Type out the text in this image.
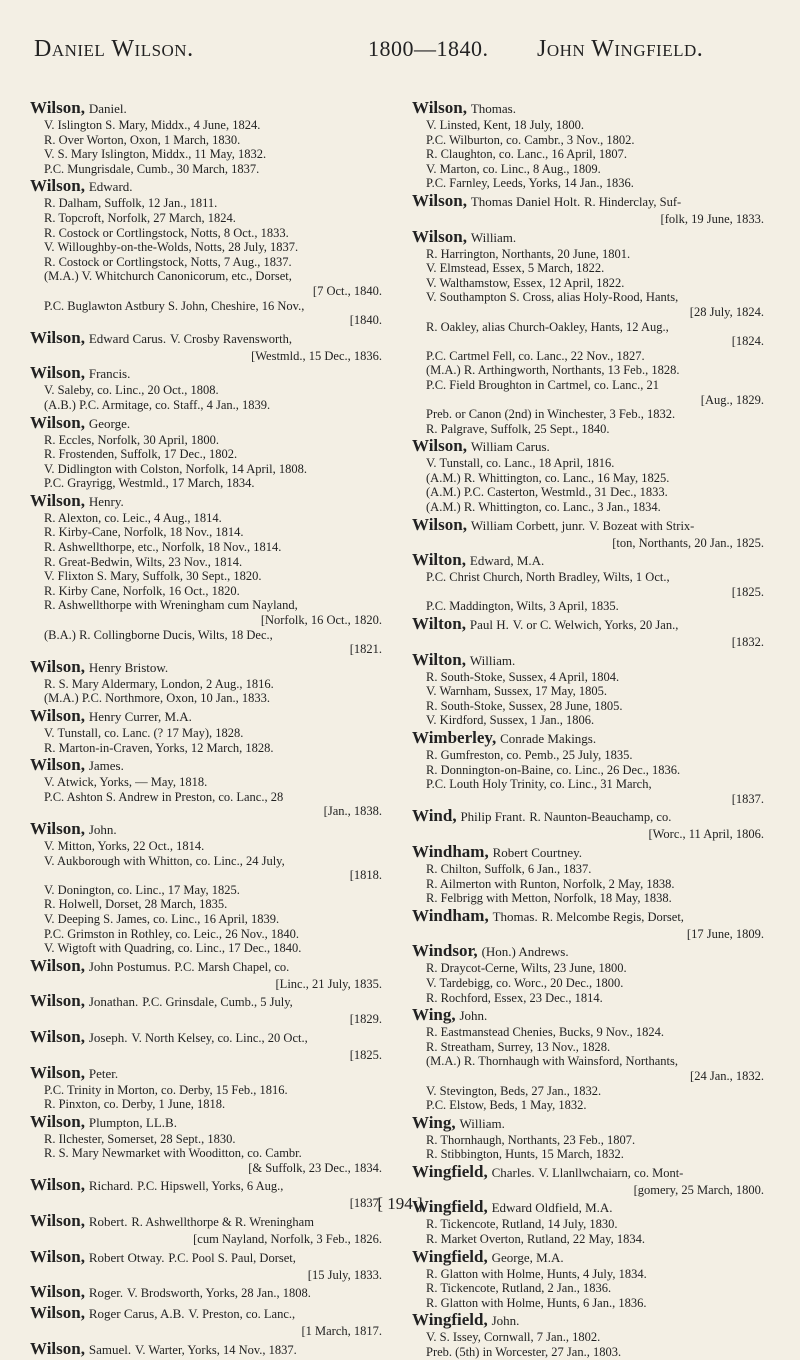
Daniel Wilson.	1800—1840. John Wingfield.
Wilson, Daniel.
V. Islington S. Mary, Middx., 4 June, 1824.
R. Over Worton, Oxon, 1 March, 1830.
V. S. Mary Islington, Middx., 11 May, 1832.
P.C. Mungrisdale, Cumb., 30 March, 1837.
Wilson, Edward.
R. Dalham, Suffolk, 12 Jan., 1811.
R. Topcroft, Norfolk, 27 March, 1824.
R. Costock or Cortlingstock, Notts, 8 Oct., 1833.
V. Willoughby-on-the-Wolds, Notts, 28 July, 1837.
R. Costock or Cortlingstock, Notts, 7 Aug., 1837.
(M.A.) V. Whitchurch Canonicorum, etc., Dorset,
[7 Oct., 1840.
P.C. Buglawton Astbury S. John, Cheshire, 16 Nov.,
[1840.
Wilson, Edward Carus. V. Crosby Ravensworth,
[Westmld., 15 Dec., 1836.
Wilson, Francis.
V. Saleby, co. Linc., 20 Oct., 1808.
(A.B.) P.C. Armitage, co. Staff., 4 Jan., 1839.
Wilson, George.
R. Eccles, Norfolk, 30 April, 1800.
R. Frostenden, Suffolk, 17 Dec., 1802.
V. Didlington with Colston, Norfolk, 14 April, 1808.
P.C. Grayrigg, Westmld., 17 March, 1834.
Wilson, Henry.
R. Alexton, co. Leic., 4 Aug., 1814.
R. Kirby-Cane, Norfolk, 18 Nov., 1814.
R. Ashwellthorpe, etc., Norfolk, 18 Nov., 1814.
R. Great-Bedwin, Wilts, 23 Nov., 1814.
V. Flixton S. Mary, Suffolk, 30 Sept., 1820.
R. Kirby Cane, Norfolk, 16 Oct., 1820.
R. Ashwellthorpe with Wreningham cum Nayland,
[Norfolk, 16 Oct., 1820.
(B.A.) R. Collingborne Ducis, Wilts, 18 Dec.,
[1821.
Wilson, Henry Bristow.
R. S. Mary Aldermary, London, 2 Aug., 1816.
(M.A.) P.C. Northmore, Oxon, 10 Jan., 1833.
Wilson, Henry Currer, M.A.
V. Tunstall, co. Lanc. (? 17 May), 1828.
R. Marton-in-Craven, Yorks, 12 March, 1828.
Wilson, James.
V. Atwick, Yorks, — May, 1818.
P.C. Ashton S. Andrew in Preston, co. Lanc., 28
[Jan., 1838.
Wilson, John.
V. Mitton, Yorks, 22 Oct., 1814.
V. Aukborough with Whitton, co. Linc., 24 July,
[1818.
V. Donington, co. Linc., 17 May, 1825.
R. Holwell, Dorset, 28 March, 1835.
V. Deeping S. James, co. Linc., 16 April, 1839.
P.C. Grimston in Rothley, co. Leic., 26 Nov., 1840.
V. Wigtoft with Quadring, co. Linc., 17 Dec., 1840.
Wilson, John Postumus. P.C. Marsh Chapel, co.
[Linc., 21 July, 1835.
Wilson, Jonathan. P.C. Grinsdale, Cumb., 5 July,
[1829.
Wilson, Joseph. V. North Kelsey, co. Linc., 20 Oct.,
[1825.
Wilson, Peter.
P.C. Trinity in Morton, co. Derby, 15 Feb., 1816.
R. Pinxton, co. Derby, 1 June, 1818.
Wilson, Plumpton, LL.B.
R. Ilchester, Somerset, 28 Sept., 1830.
R. S. Mary Newmarket with Wooditton, co. Cambr.
[& Suffolk, 23 Dec., 1834.
Wilson, Richard. P.C. Hipswell, Yorks, 6 Aug.,
[1837.
Wilson, Robert. R. Ashwellthorpe & R. Wreningham
[cum Nayland, Norfolk, 3 Feb., 1826.
Wilson, Robert Otway. P.C. Pool S. Paul, Dorset,
[15 July, 1833.
Wilson, Roger. V. Brodsworth, Yorks, 28 Jan., 1808.
Wilson, Roger Carus, A.B. V. Preston, co. Lanc.,
[1 March, 1817.
Wilson, Samuel. V. Warter, Yorks, 14 Nov., 1837.
Wilson, Thomas.
V. Linsted, Kent, 18 July, 1800.
P.C. Wilburton, co. Cambr., 3 Nov., 1802.
R. Claughton, co. Lanc., 16 April, 1807.
V. Marton, co. Linc., 8 Aug., 1809.
P.C. Farnley, Leeds, Yorks, 14 Jan., 1836.
Wilson, Thomas Daniel Holt. R. Hinderclay, Suf-
[folk, 19 June, 1833.
Wilson, William.
R. Harrington, Northants, 20 June, 1801.
V. Elmstead, Essex, 5 March, 1822.
V. Walthamstow, Essex, 12 April, 1822.
V. Southampton S. Cross, alias Holy-Rood, Hants,
[28 July, 1824.
R. Oakley, alias Church-Oakley, Hants, 12 Aug.,
[1824.
P.C. Cartmel Fell, co. Lanc., 22 Nov., 1827.
(M.A.) R. Arthingworth, Northants, 13 Feb., 1828.
P.C. Field Broughton in Cartmel, co. Lanc., 21
[Aug., 1829.
Preb. or Canon (2nd) in Winchester, 3 Feb., 1832.
R. Palgrave, Suffolk, 25 Sept., 1840.
Wilson, William Carus.
V. Tunstall, co. Lanc., 18 April, 1816.
(A.M.) R. Whittington, co. Lanc., 16 May, 1825.
(A.M.) P.C. Casterton, Westmld., 31 Dec., 1833.
(A.M.) R. Whittington, co. Lanc., 3 Jan., 1834.
Wilson, William Corbett, junr. V. Bozeat with Strix-
[ton, Northants, 20 Jan., 1825.
Wilton, Edward, M.A.
P.C. Christ Church, North Bradley, Wilts, 1 Oct.,
[1825.
P.C. Maddington, Wilts, 3 April, 1835.
Wilton, Paul H. V. or C. Welwich, Yorks, 20 Jan.,
[1832.
Wilton, William.
R. South-Stoke, Sussex, 4 April, 1804.
V. Warnham, Sussex, 17 May, 1805.
R. South-Stoke, Sussex, 28 June, 1805.
V. Kirdford, Sussex, 1 Jan., 1806.
Wimberley, Conrade Makings.
R. Gumfreston, co. Pemb., 25 July, 1835.
R. Donnington-on-Baine, co. Linc., 26 Dec., 1836.
P.C. Louth Holy Trinity, co. Linc., 31 March,
[1837.
Wind, Philip Frant. R. Naunton-Beauchamp, co.
[Worc., 11 April, 1806.
Windham, Robert Courtney.
R. Chilton, Suffolk, 6 Jan., 1837.
R. Ailmerton with Runton, Norfolk, 2 May, 1838.
R. Felbrigg with Metton, Norfolk, 18 May, 1838.
Windham, Thomas. R. Melcombe Regis, Dorset,
[17 June, 1809.
Windsor, (Hon.) Andrews.
R. Draycot-Cerne, Wilts, 23 June, 1800.
V. Tardebigg, co. Worc., 20 Dec., 1800.
R. Rochford, Essex, 23 Dec., 1814.
Wing, John.
R. Eastmanstead Chenies, Bucks, 9 Nov., 1824.
R. Streatham, Surrey, 13 Nov., 1828.
(M.A.) R. Thornhaugh with Wainsford, Northants,
[24 Jan., 1832.
V. Stevington, Beds, 27 Jan., 1832.
P.C. Elstow, Beds, 1 May, 1832.
Wing, William.
R. Thornhaugh, Northants, 23 Feb., 1807.
R. Stibbington, Hunts, 15 March, 1832.
Wingfield, Charles. V. Llanllwchaiarn, co. Mont-
[gomery, 25 March, 1800.
Wingfield, Edward Oldfield, M.A.
R. Tickencote, Rutland, 14 July, 1830.
R. Market Overton, Rutland, 22 May, 1834.
Wingfield, George, M.A.
R. Glatton with Holme, Hunts, 4 July, 1834.
R. Tickencote, Rutland, 2 Jan., 1836.
R. Glatton with Holme, Hunts, 6 Jan., 1836.
Wingfield, John.
V. S. Issey, Cornwall, 7 Jan., 1802.
Preb. (5th) in Worcester, 27 Jan., 1803.
[ 194 ]
